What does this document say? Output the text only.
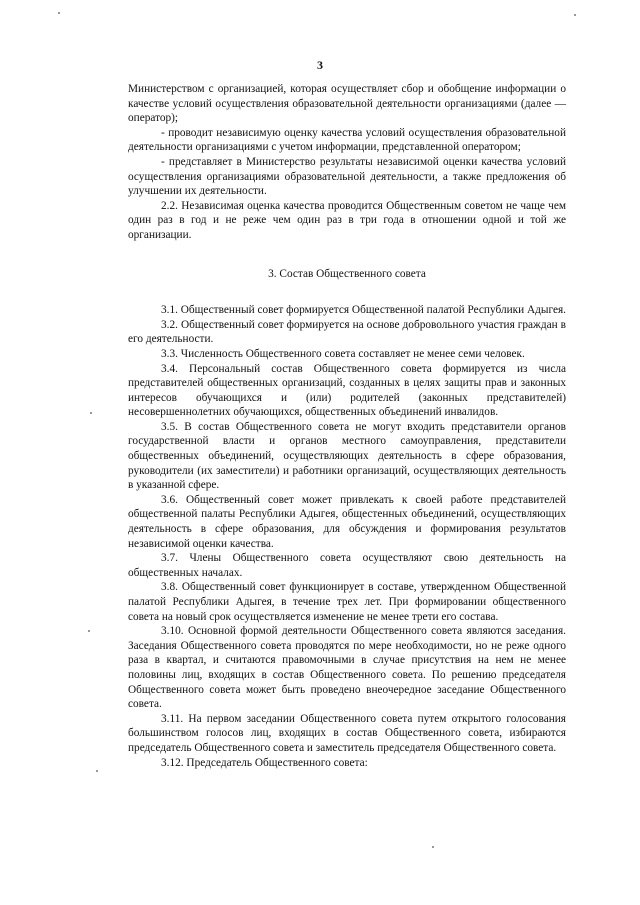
3

Министерством с организацией, которая осуществляет сбор и обобщение информации о качестве условий осуществления образовательной деятельности организациями (далее — оператор);

- проводит независимую оценку качества условий осуществления образовательной деятельности организациями с учетом информации, представленной оператором;

- представляет в Министерство результаты независимой оценки качества условий осуществления организациями образовательной деятельности, а также предложения об улучшении их деятельности.

2.2. Независимая оценка качества проводится Общественным советом не чаще чем один раз в год и не реже чем один раз в три года в отношении одной и той же организации.

3. Состав Общественного совета

3.1. Общественный совет формируется Общественной палатой Республики Адыгея.

3.2. Общественный совет формируется на основе добровольного участия граждан в его деятельности.

3.3. Численность Общественного совета составляет не менее семи человек.

3.4. Персональный состав Общественного совета формируется из числа представителей общественных организаций, созданных в целях защиты прав и законных интересов обучающихся и (или) родителей (законных представителей) несовершеннолетних обучающихся, общественных объединений инвалидов.

3.5. В состав Общественного совета не могут входить представители органов государственной власти и органов местного самоуправления, представители общественных объединений, осуществляющих деятельность в сфере образования, руководители (их заместители) и работники организаций, осуществляющих деятельность в указанной сфере.

3.6. Общественный совет может привлекать к своей работе представителей общественной палаты Республики Адыгея, общестенных объединений, осуществляющих деятельность в сфере образования, для обсуждения и формирования результатов независимой оценки качества.

3.7. Члены Общественного совета осуществляют свою деятельность на общественных началах.

3.8. Общественный совет функционирует в составе, утвержденном Общественной палатой Республики Адыгея, в течение трех лет. При формировании общественного совета на новый срок осуществляется изменение не менее трети его состава.

3.10. Основной формой деятельности Общественного совета являются заседания. Заседания Общественного совета проводятся по мере необходимости, но не реже одного раза в квартал, и считаются правомочными в случае присутствия на нем не менее половины лиц, входящих в состав Общественного совета. По решению председателя Общественного совета может быть проведено внеочередное заседание Общественного совета.

3.11. На первом заседании Общественного совета путем открытого голосования большинством голосов лиц, входящих в состав Общественного совета, избираются председатель Общественного совета и заместитель председателя Общественного совета.

3.12. Председатель Общественного совета:
